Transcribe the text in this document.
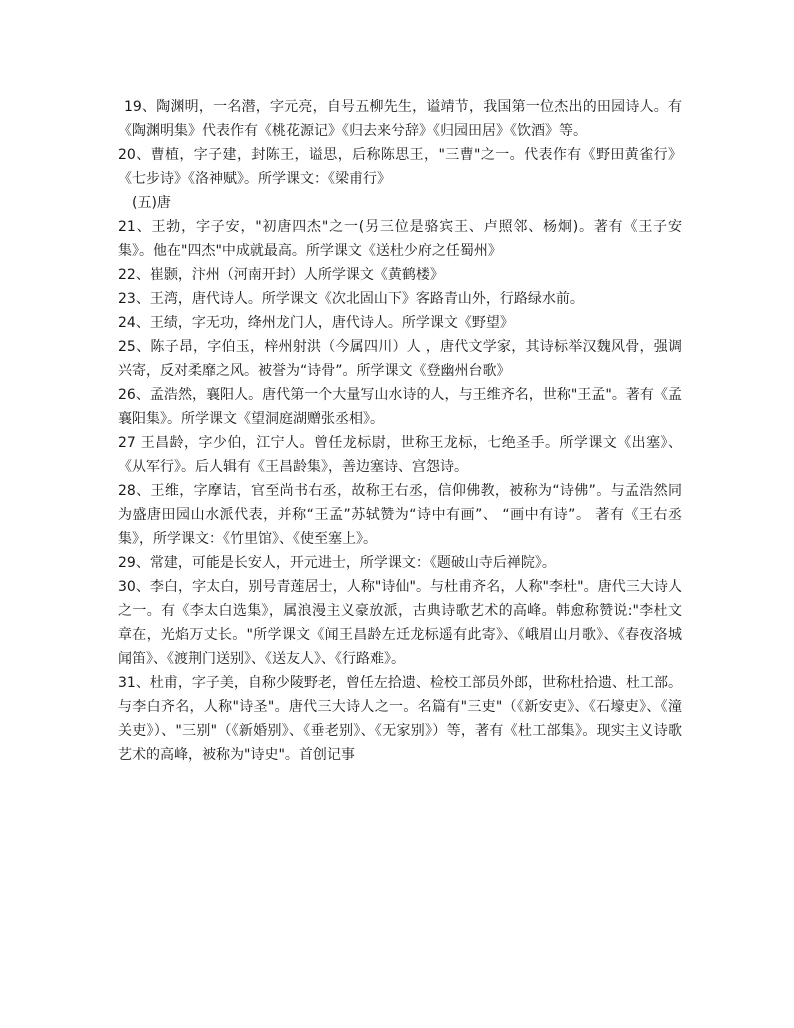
19、陶渊明，一名潜，字元亮，自号五柳先生，谥靖节，我国第一位杰出的田园诗人。有《陶渊明集》代表作有《桃花源记》《归去来兮辞》《归园田居》《饮酒》等。

20、曹植，字子建，封陈王，谥思，后称陈思王，"三曹"之一。代表作有《野田黄雀行》《七步诗》《洛神赋》。所学课文：《梁甫行》

(五)唐

21、王勃，字子安，"初唐四杰"之一(另三位是骆宾王、卢照邻、杨炯)。著有《王子安集》。他在"四杰"中成就最高。所学课文《送杜少府之任蜀州》

22、崔颢，汴州（河南开封）人所学课文《黄鹤楼》

23、王湾，唐代诗人。所学课文《次北固山下》客路青山外，行路绿水前。

24、王绩，字无功，绛州龙门人，唐代诗人。所学课文《野望》

25、陈子昂，字伯玉，梓州射洪（今属四川）人 ，唐代文学家，其诗标举汉魏风骨，强调兴寄，反对柔靡之风。被誉为“诗骨”。所学课文《登幽州台歌》

26、孟浩然，襄阳人。唐代第一个大量写山水诗的人，与王维齐名，世称"王孟"。著有《孟襄阳集》。所学课文《望洞庭湖赠张丞相》。

27 王昌龄，字少伯，江宁人。曾任龙标尉，世称王龙标，七绝圣手。所学课文《出塞》、《从军行》。后人辑有《王昌龄集》，善边塞诗、宫怨诗。

28、王维，字摩诘，官至尚书右丞，故称王右丞，信仰佛教，被称为“诗佛”。与孟浩然同为盛唐田园山水派代表，并称“王孟”苏轼赞为“诗中有画”、 “画中有诗”。 著有《王右丞集》，所学课文：《竹里馆》、《使至塞上》。

29、常建，可能是长安人，开元进士，所学课文：《题破山寺后禅院》。

30、李白，字太白，别号青莲居士，人称"诗仙"。与杜甫齐名，人称"李杜"。唐代三大诗人之一。有《李太白选集》，属浪漫主义豪放派，古典诗歌艺术的高峰。韩愈称赞说:"李杜文章在，光焰万丈长。"所学课文《闻王昌龄左迁龙标遥有此寄》、《峨眉山月歌》、《春夜洛城闻笛》、《渡荆门送别》、《送友人》、《行路难》。

31、杜甫，字子美，自称少陵野老，曾任左拾遗、检校工部员外郎，世称杜拾遗、杜工部。与李白齐名，人称"诗圣"。唐代三大诗人之一。名篇有"三吏"（《新安吏》、《石壕吏》、《潼关吏》）、"三别"（《新婚别》、《垂老别》、《无家别》）等，著有《杜工部集》。现实主义诗歌艺术的高峰，被称为"诗史"。首创记事
